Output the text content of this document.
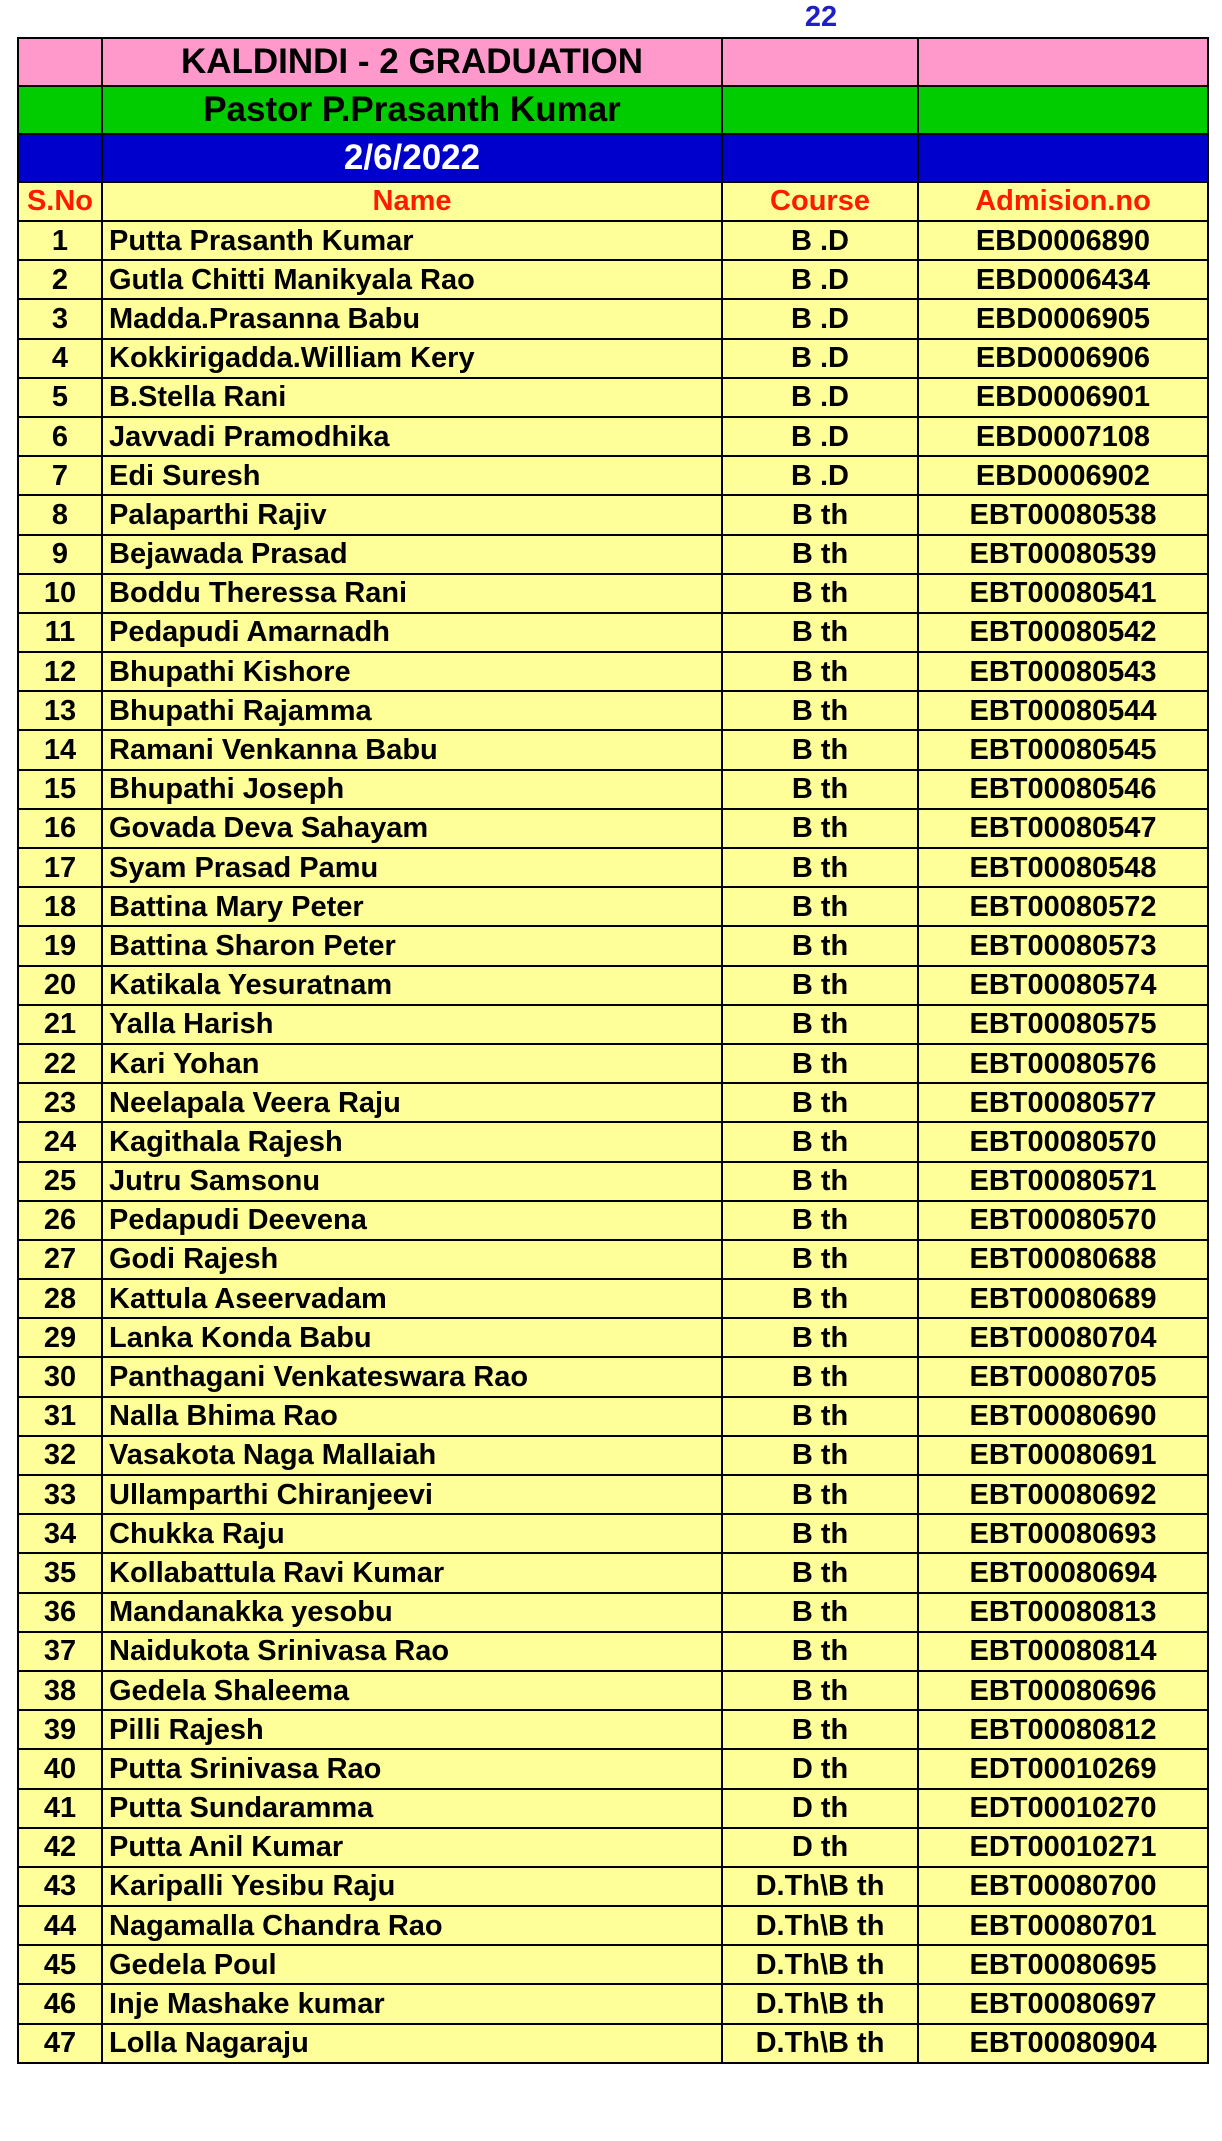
22
	KALDINDI - 2 GRADUATION		
	Pastor P.Prasanth Kumar		
	2/6/2022		
S.No	Name	Course	Admision.no
1	Putta Prasanth Kumar	B .D	EBD0006890
2	Gutla Chitti Manikyala Rao	B .D	EBD0006434
3	Madda.Prasanna Babu	B .D	EBD0006905
4	Kokkirigadda.William Kery	B .D	EBD0006906
5	B.Stella Rani	B .D	EBD0006901
6	Javvadi Pramodhika	B .D	EBD0007108
7	Edi Suresh	B .D	EBD0006902
8	Palaparthi Rajiv	B th	EBT00080538
9	Bejawada Prasad	B th	EBT00080539
10	Boddu Theressa Rani	B th	EBT00080541
11	Pedapudi Amarnadh	B th	EBT00080542
12	Bhupathi Kishore	B th	EBT00080543
13	Bhupathi Rajamma	B th	EBT00080544
14	Ramani Venkanna Babu	B th	EBT00080545
15	Bhupathi Joseph	B th	EBT00080546
16	Govada Deva Sahayam	B th	EBT00080547
17	Syam Prasad Pamu	B th	EBT00080548
18	Battina Mary Peter	B th	EBT00080572
19	Battina Sharon Peter	B th	EBT00080573
20	Katikala Yesuratnam	B th	EBT00080574
21	Yalla Harish	B th	EBT00080575
22	Kari Yohan	B th	EBT00080576
23	Neelapala Veera Raju	B th	EBT00080577
24	Kagithala Rajesh	B th	EBT00080570
25	Jutru Samsonu	B th	EBT00080571
26	Pedapudi Deevena	B th	EBT00080570
27	Godi Rajesh	B th	EBT00080688
28	Kattula Aseervadam	B th	EBT00080689
29	Lanka Konda Babu	B th	EBT00080704
30	Panthagani Venkateswara Rao	B th	EBT00080705
31	Nalla Bhima Rao	B th	EBT00080690
32	Vasakota Naga Mallaiah	B th	EBT00080691
33	Ullamparthi Chiranjeevi	B th	EBT00080692
34	Chukka Raju	B th	EBT00080693
35	Kollabattula Ravi Kumar	B th	EBT00080694
36	Mandanakka yesobu	B th	EBT00080813
37	Naidukota Srinivasa Rao	B th	EBT00080814
38	Gedela Shaleema	B th	EBT00080696
39	Pilli Rajesh	B th	EBT00080812
40	Putta Srinivasa Rao	D th	EDT00010269
41	Putta Sundaramma	D th	EDT00010270
42	Putta Anil Kumar	D th	EDT00010271
43	Karipalli Yesibu Raju	D.Th\B th	EBT00080700
44	Nagamalla Chandra Rao	D.Th\B th	EBT00080701
45	Gedela Poul	D.Th\B th	EBT00080695
46	Inje Mashake kumar	D.Th\B th	EBT00080697
47	Lolla Nagaraju	D.Th\B th	EBT00080904
